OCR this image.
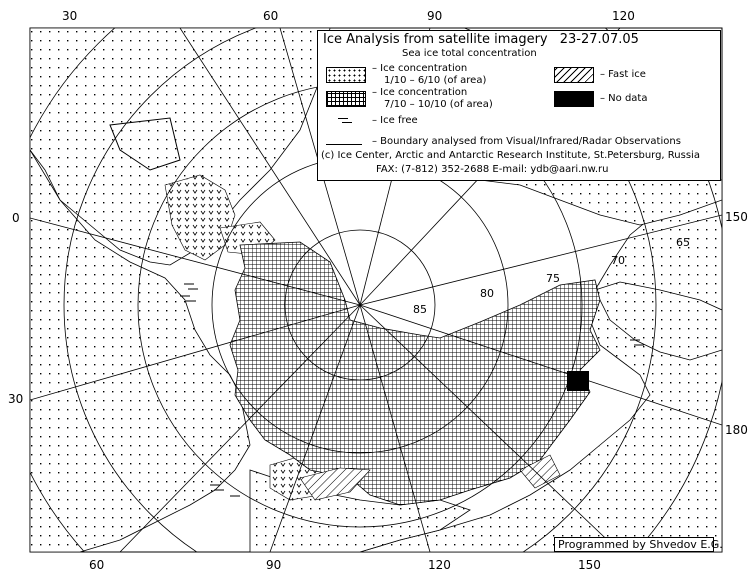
85
80
75
70
65
30	60	90	120
0
30
150
180
60	90	120	150
Ice Analysis from satellite imagery 23-27.07.05
Sea ice total concentration
– Ice concentration
1/10 – 6/10 (of area)
– Ice concentration
7/10 – 10/10 (of area)
– Fast ice
– No data
– Ice free
– Boundary analysed from Visual/Infrared/Radar Observations
(c) Ice Center, Arctic and Antarctic Research Institute, St.Petersburg, Russia
FAX: (7-812) 352-2688 E-mail: ydb@aari.nw.ru
Programmed by Shvedov E.G.
